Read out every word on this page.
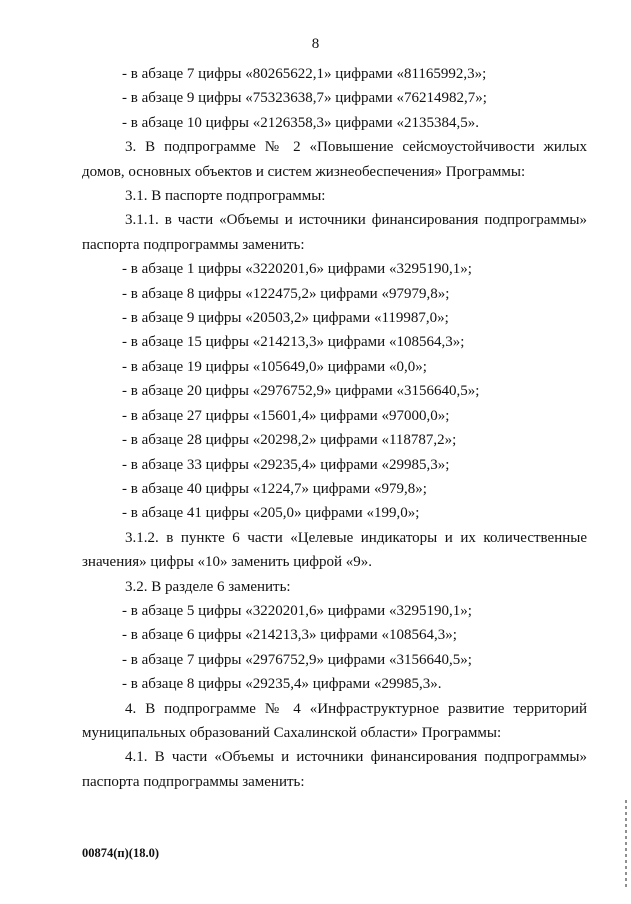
8

- в абзаце 7 цифры «80265622,1» цифрами «81165992,3»;

- в абзаце 9 цифры «75323638,7» цифрами «76214982,7»;

- в абзаце 10 цифры «2126358,3» цифрами «2135384,5».

3. В подпрограмме № 2 «Повышение сейсмоустойчивости жилых

домов, основных объектов и систем жизнеобеспечения» Программы:

3.1. В паспорте подпрограммы:

3.1.1. в части «Объемы и источники финансирования подпрограммы»

паспорта подпрограммы заменить:

- в абзаце 1 цифры «3220201,6» цифрами «3295190,1»;

- в абзаце 8 цифры «122475,2» цифрами «97979,8»;

- в абзаце 9 цифры «20503,2» цифрами «119987,0»;

- в абзаце 15 цифры «214213,3» цифрами «108564,3»;

- в абзаце 19 цифры «105649,0» цифрами «0,0»;

- в абзаце 20 цифры «2976752,9» цифрами «3156640,5»;

- в абзаце 27 цифры «15601,4» цифрами «97000,0»;

- в абзаце 28 цифры «20298,2» цифрами «118787,2»;

- в абзаце 33 цифры «29235,4» цифрами «29985,3»;

- в абзаце 40 цифры «1224,7» цифрами «979,8»;

- в абзаце 41 цифры «205,0» цифрами «199,0»;

3.1.2. в пункте 6 части «Целевые индикаторы и их количественные

значения» цифры «10» заменить цифрой «9».

3.2. В разделе 6 заменить:

- в абзаце 5 цифры «3220201,6» цифрами «3295190,1»;

- в абзаце 6 цифры «214213,3» цифрами «108564,3»;

- в абзаце 7 цифры «2976752,9» цифрами «3156640,5»;

- в абзаце 8 цифры «29235,4» цифрами «29985,3».

4. В подпрограмме № 4 «Инфраструктурное развитие территорий

муниципальных образований Сахалинской области» Программы:

4.1. В части «Объемы и источники финансирования подпрограммы»

паспорта подпрограммы заменить:

00874(п)(18.0)
